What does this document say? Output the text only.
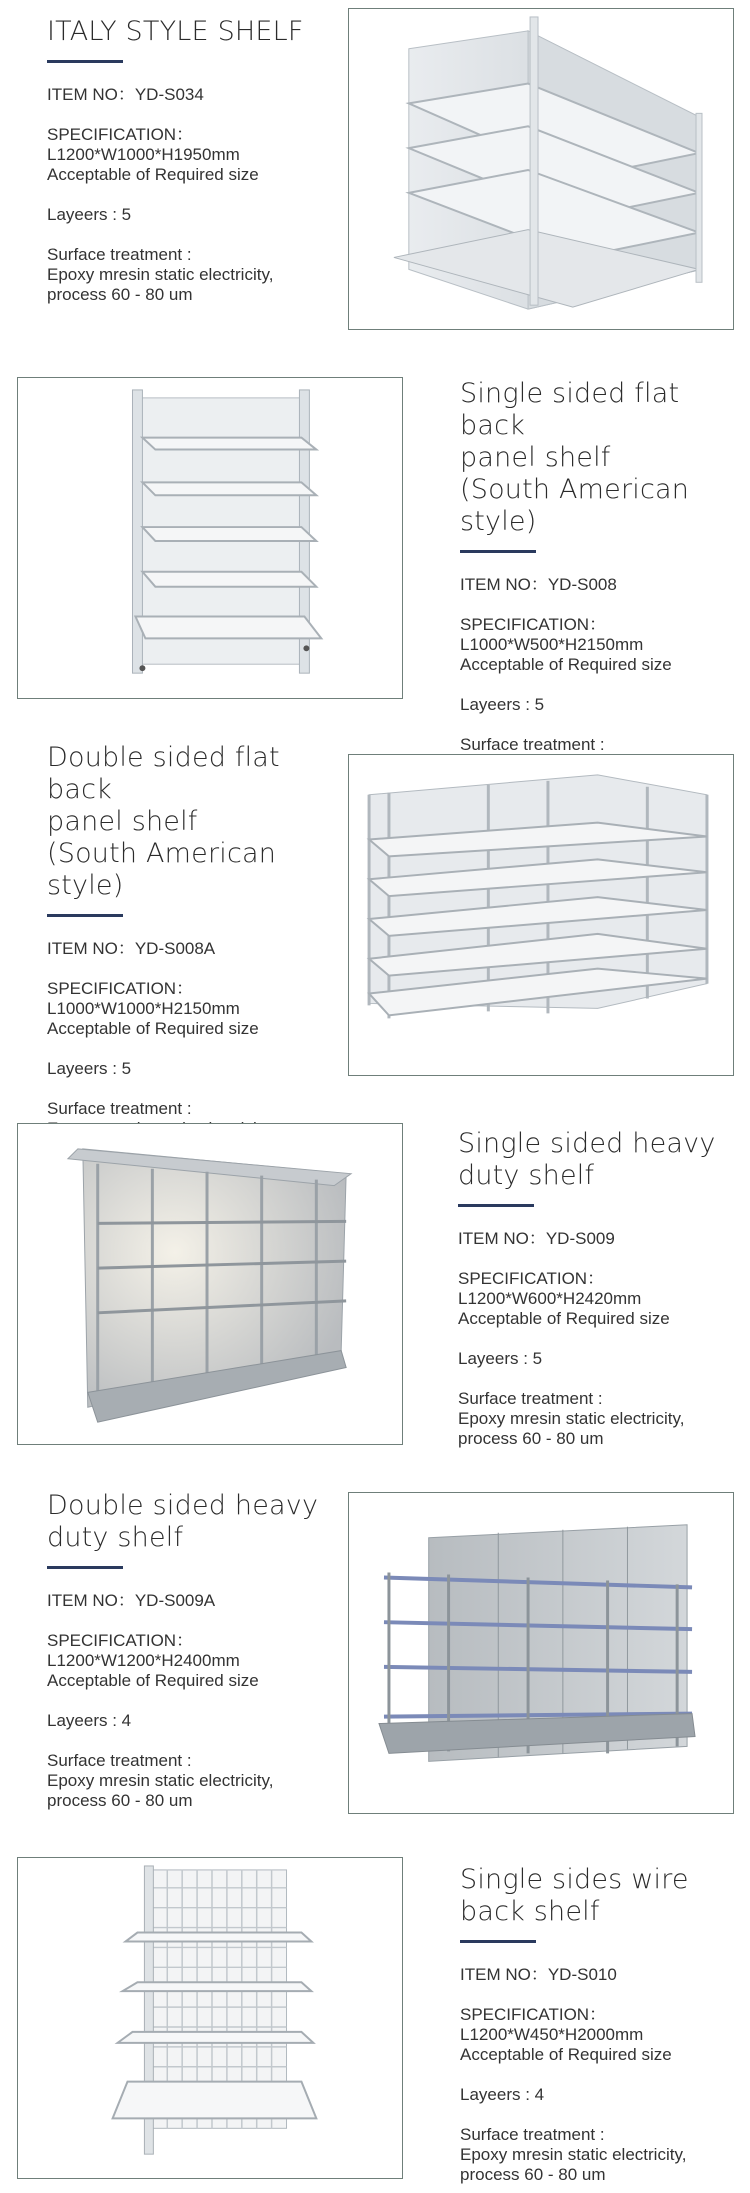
ITALY STYLE SHELF
ITEM NO：YD-S034
SPECIFICATION：
L1200*W1000*H1950mm
Acceptable of Required size
Layeers : 5
Surface treatment :
Epoxy mresin static electricity,
process 60 - 80 um
Single sided flat back
panel shelf
(South American style)
ITEM NO：YD-S008
SPECIFICATION：
L1000*W500*H2150mm
Acceptable of Required size
Layeers : 5
Surface treatment :
Double sided flat back
panel shelf
(South American style)
ITEM NO：YD-S008A
SPECIFICATION：
L1000*W1000*H2150mm
Acceptable of Required size
Layeers : 5
Surface treatment :
Single sided heavy
duty shelf
ITEM NO：YD-S009
SPECIFICATION：
L1200*W600*H2420mm
Acceptable of Required size
Layeers : 5
Surface treatment :
Epoxy mresin static electricity,
process 60 - 80 um
Double sided heavy
duty shelf
ITEM NO：YD-S009A
SPECIFICATION：
L1200*W1200*H2400mm
Acceptable of Required size
Layeers : 4
Surface treatment :
Epoxy mresin static electricity,
process 60 - 80 um
Single sides wire
back shelf
ITEM NO：YD-S010
SPECIFICATION：
L1200*W450*H2000mm
Acceptable of Required size
Layeers : 4
Surface treatment :
Epoxy mresin static electricity,
process 60 - 80 um
